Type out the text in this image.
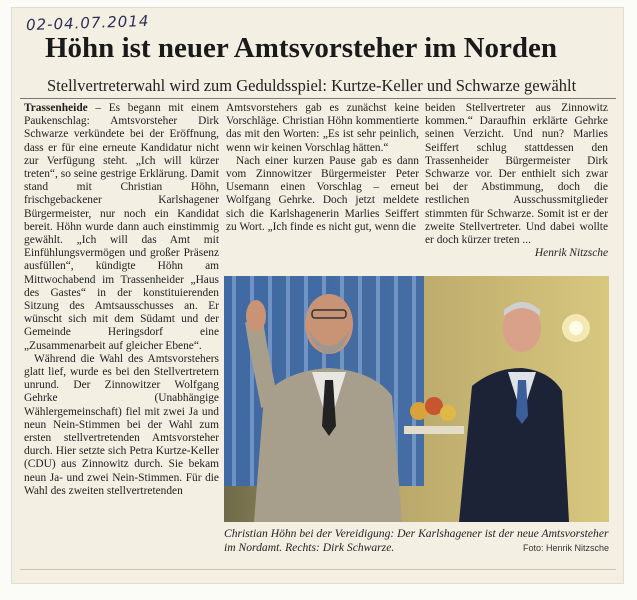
02-04.07.2014
Höhn ist neuer Amtsvorsteher im Norden
Stellvertreterwahl wird zum Geduldsspiel: Kurtze-Keller und Schwarze gewählt

Trassenheide – Es begann mit einem Paukenschlag: Amtsvorsteher Dirk Schwarze verkündete bei der Eröffnung, dass er für eine erneute Kandidatur nicht zur Verfügung steht. „Ich will kürzer treten“, so seine gestrige Erklärung. Damit stand mit Christian Höhn, frischgebackener Karlshagener Bürgermeister, nur noch ein Kandidat bereit. Höhn wurde dann auch einstimmig gewählt. „Ich will das Amt mit Einfühlungsvermögen und großer Präsenz ausfüllen“, kündigte Höhn am Mittwochabend im Trassenheider „Haus des Gastes“ in der konstituierenden Sitzung des Amtsausschusses an. Er wünscht sich mit dem Südamt und der Gemeinde Heringsdorf eine „Zusammenarbeit auf gleicher Ebene“.

Während die Wahl des Amtsvorstehers glatt lief, wurde es bei den Stellvertretern unrund. Der Zinnowitzer Wolfgang Gehrke (Unabhängige Wählergemeinschaft) fiel mit zwei Ja und neun Nein-Stimmen bei der Wahl zum ersten stellvertretenden Amtsvorsteher durch. Hier setzte sich Petra Kurtze-Keller (CDU) aus Zinnowitz durch. Sie bekam neun Ja- und zwei Nein-Stimmen. Für die Wahl des zweiten stellvertretenden

Amtsvorstehers gab es zunächst keine Vorschläge. Christian Höhn kommentierte das mit den Worten: „Es ist sehr peinlich, wenn wir keinen Vorschlag hätten.“

Nach einer kurzen Pause gab es dann vom Zinnowitzer Bürgermeister Peter Usemann einen Vorschlag – erneut Wolfgang Gehrke. Doch jetzt meldete sich die Karlshagenerin Marlies Seiffert zu Wort. „Ich finde es nicht gut, wenn die

beiden Stellvertreter aus Zinnowitz kommen.“ Daraufhin erklärte Gehrke seinen Verzicht. Und nun? Marlies Seiffert schlug stattdessen den Trassenheider Bürgermeister Dirk Schwarze vor. Der enthielt sich zwar bei der Abstimmung, doch die restlichen Ausschussmitglieder stimmten für Schwarze. Somit ist er der zweite Stellvertreter. Und dabei wollte er doch kürzer treten ...

Henrik Nitzsche
Christian Höhn bei der Vereidigung: Der Karlshagener ist der neue Amtsvorsteher im Nordamt. Rechts: Dirk Schwarze.	Foto: Henrik Nitzsche
